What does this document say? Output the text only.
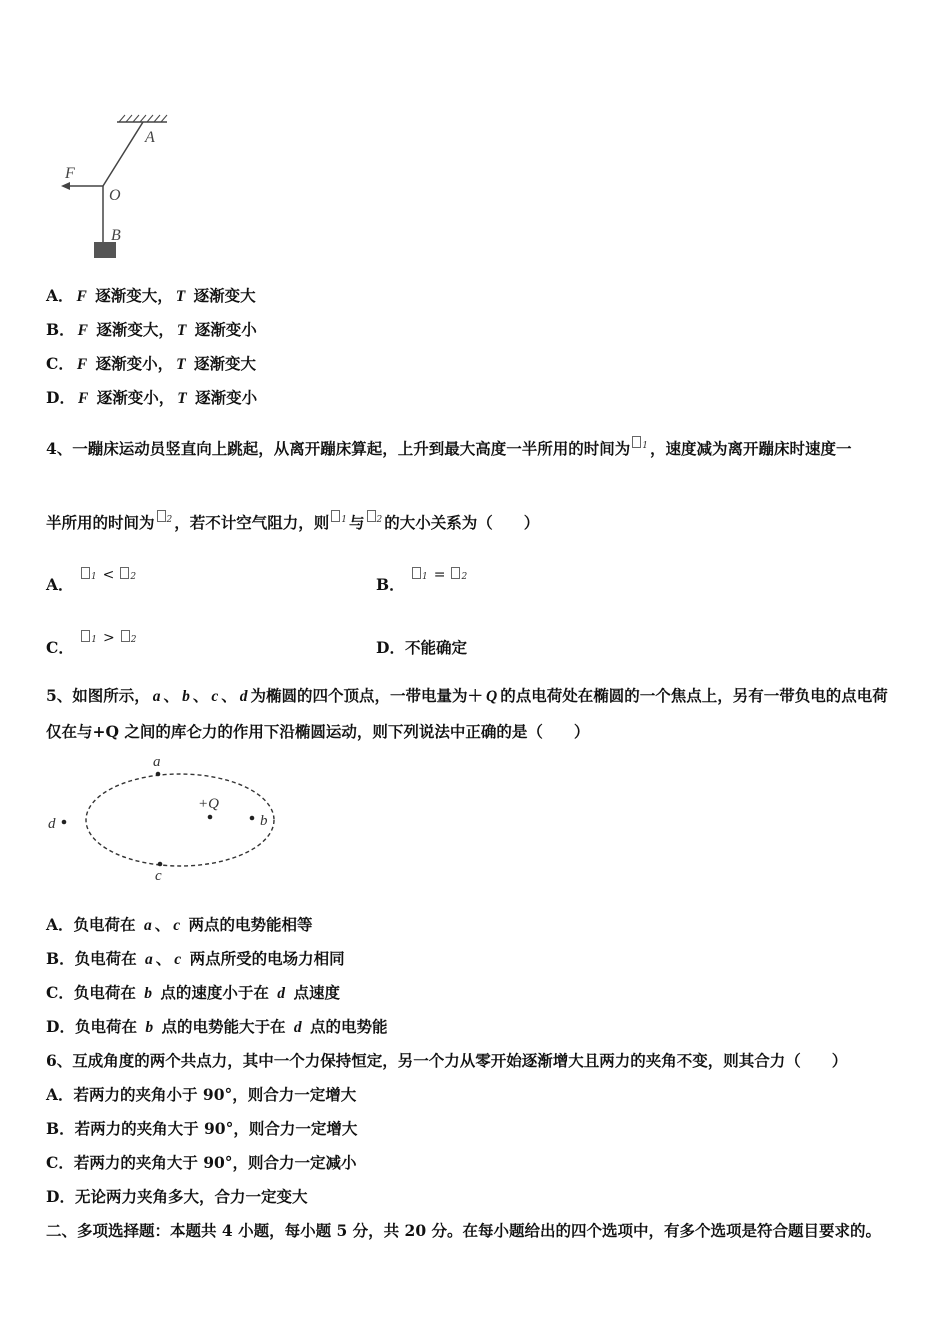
A
O
B
F
A． F 逐渐变大， T 逐渐变大
B． F 逐渐变大， T 逐渐变小
C． F 逐渐变小， T 逐渐变大
D． F 逐渐变小， T 逐渐变小
4、一蹦床运动员竖直向上跳起，从离开蹦床算起，上升到最大高度一半所用的时间为 $^1$ ，速度减为离开蹦床时速度一
半所用的时间为 $^2$ ，若不计空气阻力，则 $^1$ 与 $^2$ 的大小关系为（　　）
A． $^1$ < $^2$	B． $^1$ = $^2$
C． $^1$ > $^2$	D．不能确定
5、如图所示， a 、 b 、 c 、 d 为椭圆的四个顶点，一带电量为＋ Q 的点电荷处在椭圆的一个焦点上，另有一带负电的点电荷
仅在与+Q 之间的库仑力的作用下沿椭圆运动，则下列说法中正确的是（　　）
a
c
d	b
+Q
A．负电荷在 a 、 c 两点的电势能相等
B．负电荷在 a 、 c 两点所受的电场力相同
C．负电荷在 b 点的速度小于在 d 点速度
D．负电荷在 b 点的电势能大于在 d 点的电势能
6、互成角度的两个共点力，其中一个力保持恒定，另一个力从零开始逐渐增大且两力的夹角不变，则其合力（　　）
A．若两力的夹角小于 90°，则合力一定增大
B．若两力的夹角大于 90°，则合力一定增大
C．若两力的夹角大于 90°，则合力一定减小
D．无论两力夹角多大，合力一定变大
二、多项选择题：本题共 4 小题，每小题 5 分，共 20 分。在每小题给出的四个选项中，有多个选项是符合题目要求的。
